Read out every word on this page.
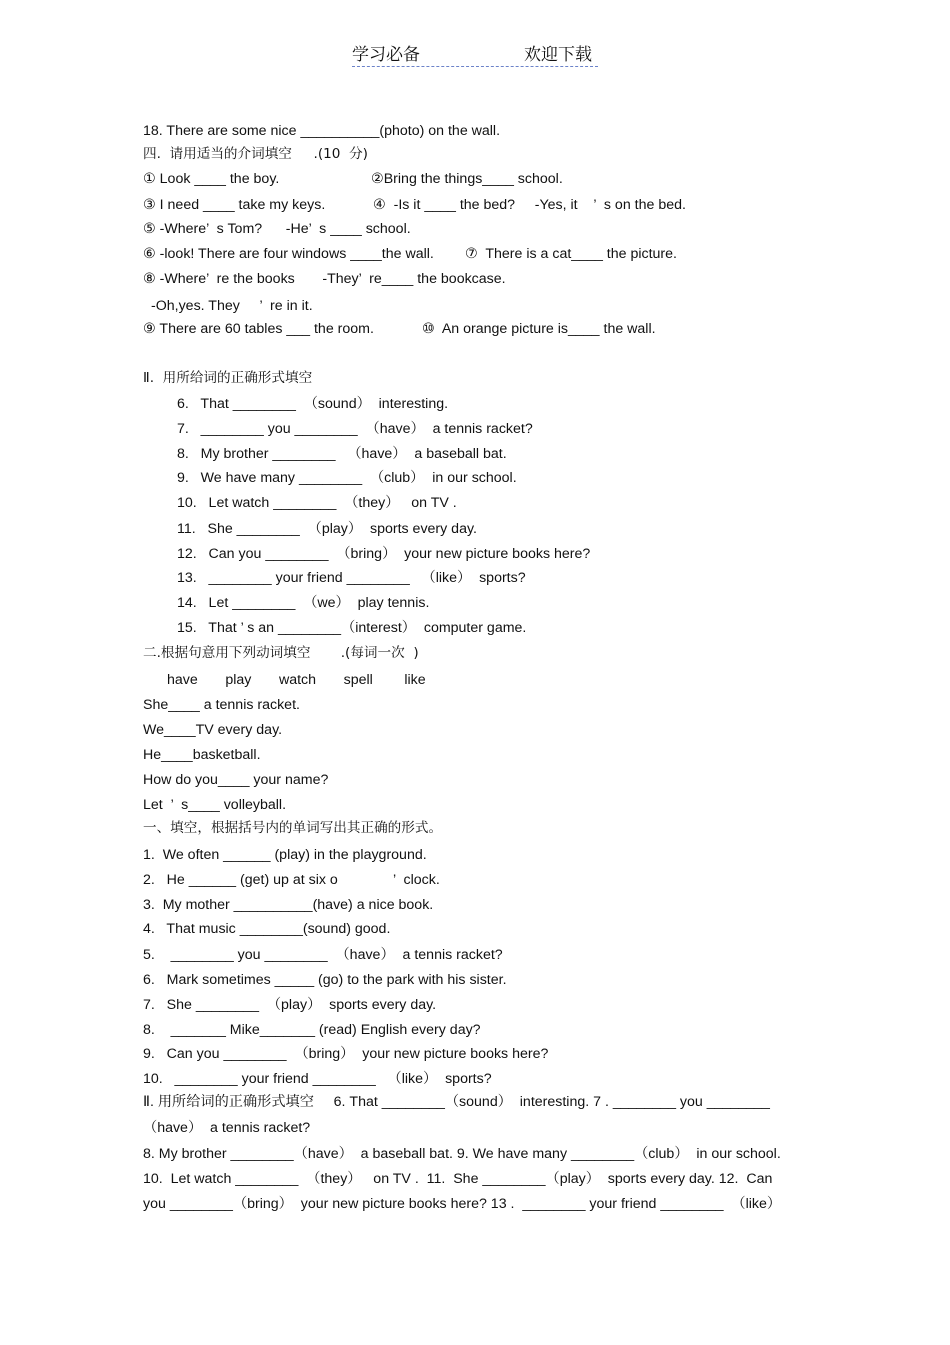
学习必备	欢迎下载
18. There are some nice __________(photo) on the wall.
四.  请用适当的介词填空     .(10  分)
① Look ____ the boy.	②Bring the things____ school.
③ I need ____ take my keys.	④  -Is it ____ the bed?     -Yes, it    ’  s on the bed.
⑤ -Where’  s Tom?      -He’  s ____ school.
⑥ -look! There are four windows ____the wall. ⑦  There is a cat____ the picture.
⑧ -Where’  re the books       -They’  re____ the bookcase.
-Oh,yes. They     ’  re in it.
⑨ There are 60 tables ___ the room.	⑩  An orange picture is____ the wall.
Ⅱ.  用所给词的正确形式填空
6.   That ________  （sound）  interesting.
7.   ________ you ________  （have）  a tennis racket?
8.   My brother ________   （have）  a baseball bat.
9.   We have many ________  （club）  in our school.
10.   Let watch ________  （they）   on TV .
11.   She ________  （play）  sports every day.
12.   Can you ________  （bring）  your new picture books here?
13.   ________ your friend ________   （like）  sports?
14.   Let ________  （we）  play tennis.
15.   That ’ s an ________（interest）  computer game.
二.根据句意用下列动词填空       .(每词一次  )
have       play       watch       spell        like
She____ a tennis racket.
We____TV every day.
He____basketball.
How do you____ your name?
Let  ’  s____ volleyball.
一、填空，根据括号内的单词写出其正确的形式。
1.  We often ______ (play) in the playground.
2.   He ______ (get) up at six o              ’  clock.
3.  My mother __________(have) a nice book.
4.   That music ________(sound) good.
5.    ________ you ________  （have）  a tennis racket?
6.   Mark sometimes _____ (go) to the park with his sister.
7.   She ________  （play）  sports every day.
8.    _______ Mike_______ (read) English every day?
9.   Can you ________  （bring）  your new picture books here?
10.   ________ your friend ________   （like）  sports?
Ⅱ. 用所给词的正确形式填空     6. That ________（sound）  interesting. 7 . ________ you ________
（have）  a tennis racket?
8. My brother ________（have）  a baseball bat. 9. We have many ________（club）  in our school.
10.  Let watch ________  （they）   on TV .  11.  She ________（play）  sports every day. 12.  Can
you ________（bring）  your new picture books here? 13 .  ________ your friend ________  （like）
